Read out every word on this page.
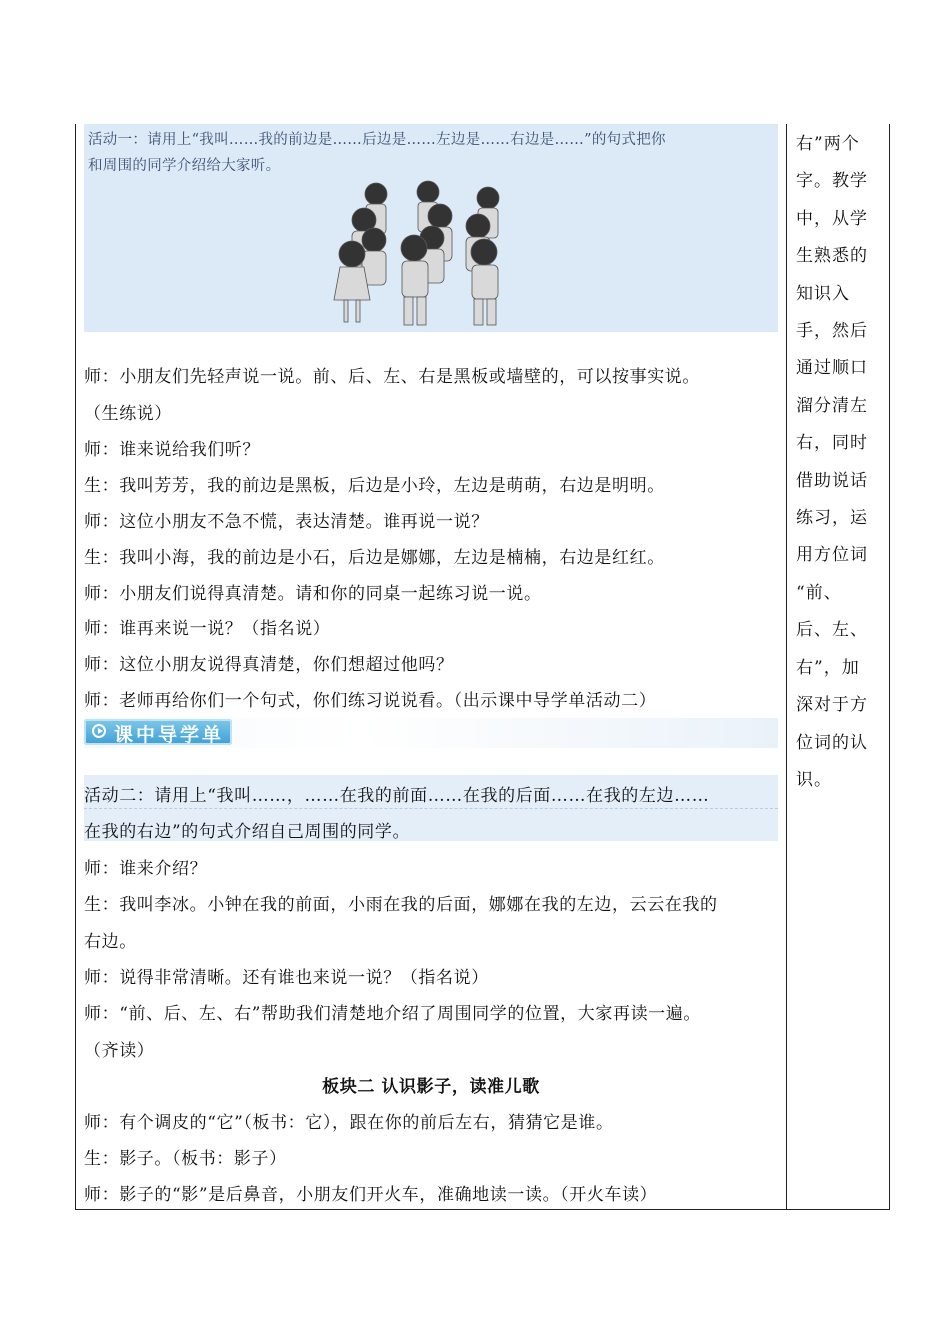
活动一：请用上“我叫……我的前边是……后边是……左边是……右边是……”的句式把你
和周围的同学介绍给大家听。
师：小朋友们先轻声说一说。前、后、左、右是黑板或墙壁的，可以按事实说。
（生练说）
师：谁来说给我们听？
生：我叫芳芳，我的前边是黑板，后边是小玲，左边是萌萌，右边是明明。
师：这位小朋友不急不慌，表达清楚。谁再说一说？
生：我叫小海，我的前边是小石，后边是娜娜，左边是楠楠，右边是红红。
师：小朋友们说得真清楚。请和你的同桌一起练习说一说。
师：谁再来说一说？（指名说）
师：这位小朋友说得真清楚，你们想超过他吗？
师：老师再给你们一个句式，你们练习说说看。（出示课中导学单活动二）
课中导学单
活动二：请用上“我叫……，……在我的前面……在我的后面……在我的左边……
在我的右边”的句式介绍自己周围的同学。
师：谁来介绍？
生：我叫李冰。小钟在我的前面，小雨在我的后面，娜娜在我的左边，云云在我的
右边。
师：说得非常清晰。还有谁也来说一说？（指名说）
师：“前、后、左、右”帮助我们清楚地介绍了周围同学的位置，大家再读一遍。
（齐读）
板块二 认识影子，读准儿歌
师：有个调皮的“它”（板书：它），跟在你的前后左右，猜猜它是谁。
生：影子。（板书：影子）
师：影子的“影”是后鼻音，小朋友们开火车，准确地读一读。（开火车读）
右”两个
字。教学
中，从学
生熟悉的
知识入
手，然后
通过顺口
溜分清左
右，同时
借助说话
练习，运
用方位词
“前、
后、左、
右”，加
深对于方
位词的认
识。
